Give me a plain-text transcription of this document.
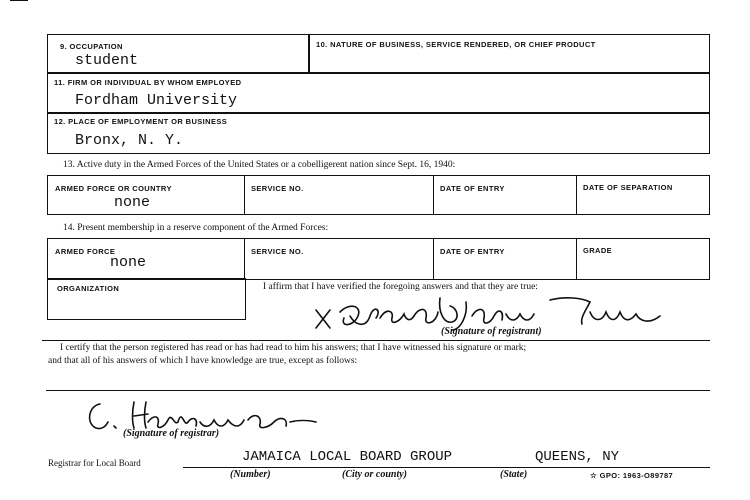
9. OCCUPATION
student
10. NATURE OF BUSINESS, SERVICE RENDERED, OR CHIEF PRODUCT
11. FIRM OR INDIVIDUAL BY WHOM EMPLOYED
Fordham University
12. PLACE OF EMPLOYMENT OR BUSINESS
Bronx, N. Y.
13. Active duty in the Armed Forces of the United States or a cobelligerent nation since Sept. 16, 1940:
ARMED FORCE OR COUNTRY	SERVICE NO.	DATE OF ENTRY	DATE OF SEPARATION
none
14. Present membership in a reserve component of the Armed Forces:
ARMED FORCE	SERVICE NO.	DATE OF ENTRY	GRADE
none
ORGANIZATION	I affirm that I have verified the foregoing answers and that they are true:
(Signature of registrant)
I certify that the person registered has read or has had read to him his answers; that I have witnessed his signature or mark;
and that all of his answers of which I have knowledge are true, except as follows:
(Signature of registrar)
Registrar for Local Board	JAMAICA LOCAL BOARD GROUP	QUEENS, NY
(Number)	(City or county)	(State)	☆ GPO: 1963-O89787
